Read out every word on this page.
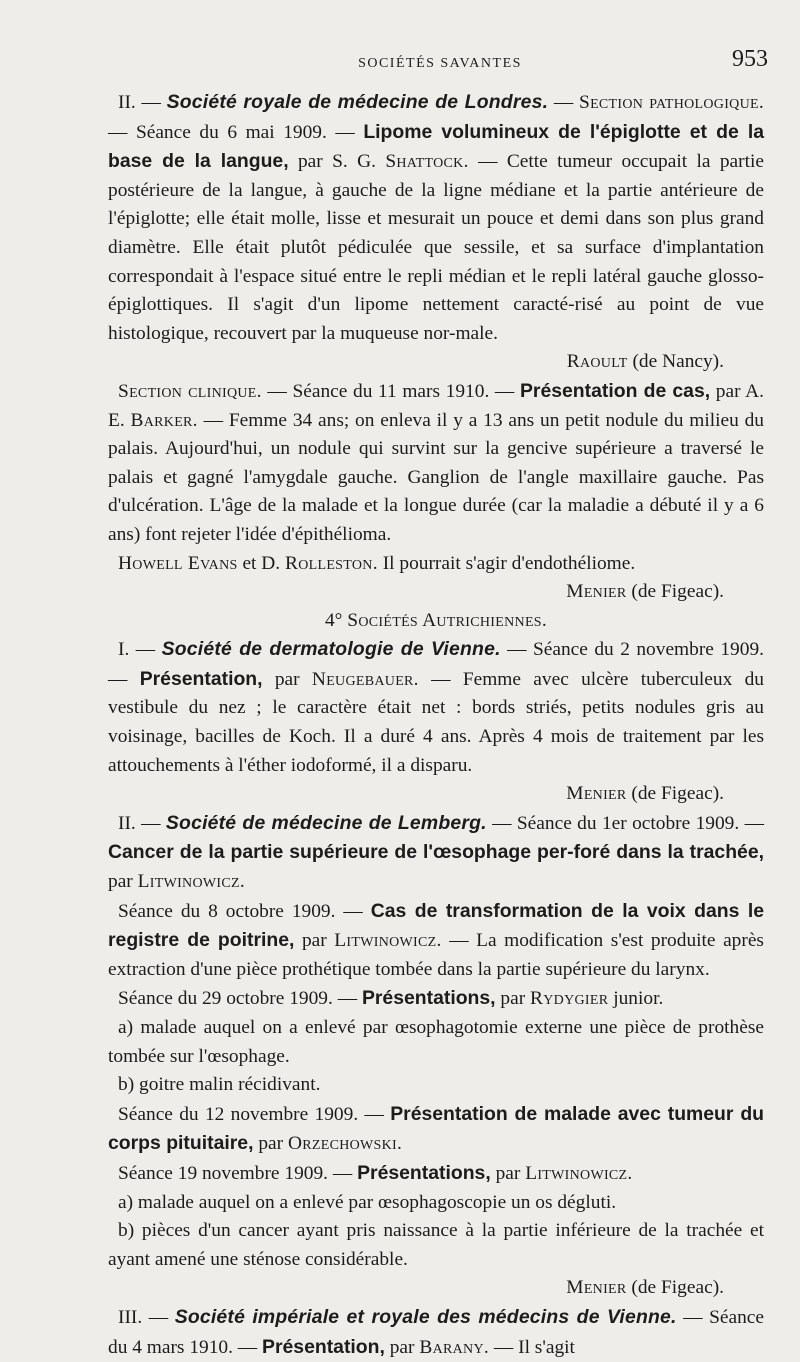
SOCIÉTÉS SAVANTES	953

II. — Société royale de médecine de Londres. — Section pathologique. — Séance du 6 mai 1909. — Lipome volumineux de l'épiglotte et de la base de la langue, par S. G. Shattock. — Cette tumeur occupait la partie postérieure de la langue, à gauche de la ligne médiane et la partie antérieure de l'épiglotte; elle était molle, lisse et mesurait un pouce et demi dans son plus grand diamètre. Elle était plutôt pédiculée que sessile, et sa surface d'implantation correspondait à l'espace situé entre le repli médian et le repli latéral gauche glosso-épiglottiques. Il s'agit d'un lipome nettement caracté-risé au point de vue histologique, recouvert par la muqueuse nor-male.

Raoult (de Nancy).

Section clinique. — Séance du 11 mars 1910. — Présentation de cas, par A. E. Barker. — Femme 34 ans; on enleva il y a 13 ans un petit nodule du milieu du palais. Aujourd'hui, un nodule qui survint sur la gencive supérieure a traversé le palais et gagné l'amygdale gauche. Ganglion de l'angle maxillaire gauche. Pas d'ulcération. L'âge de la malade et la longue durée (car la maladie a débuté il y a 6 ans) font rejeter l'idée d'épithélioma.

Howell Evans et D. Rolleston. Il pourrait s'agir d'endothéliome.

Menier (de Figeac).

4° Sociétés Autrichiennes.

I. — Société de dermatologie de Vienne. — Séance du 2 novembre 1909. — Présentation, par Neugebauer. — Femme avec ulcère tuberculeux du vestibule du nez ; le caractère était net : bords striés, petits nodules gris au voisinage, bacilles de Koch. Il a duré 4 ans. Après 4 mois de traitement par les attouchements à l'éther iodoformé, il a disparu.

Menier (de Figeac).

II. — Société de médecine de Lemberg. — Séance du 1er octobre 1909. — Cancer de la partie supérieure de l'œsophage per-foré dans la trachée, par Litwinowicz.

Séance du 8 octobre 1909. — Cas de transformation de la voix dans le registre de poitrine, par Litwinowicz. — La modification s'est produite après extraction d'une pièce prothétique tombée dans la partie supérieure du larynx.

Séance du 29 octobre 1909. — Présentations, par Rydygier junior.

a) malade auquel on a enlevé par œsophagotomie externe une pièce de prothèse tombée sur l'œsophage.

b) goitre malin récidivant.

Séance du 12 novembre 1909. — Présentation de malade avec tumeur du corps pituitaire, par Orzechowski.

Séance 19 novembre 1909. — Présentations, par Litwinowicz.

a) malade auquel on a enlevé par œsophagoscopie un os dégluti.

b) pièces d'un cancer ayant pris naissance à la partie inférieure de la trachée et ayant amené une sténose considérable.

Menier (de Figeac).

III. — Société impériale et royale des médecins de Vienne. — Séance du 4 mars 1910. — Présentation, par Barany. — Il s'agit
